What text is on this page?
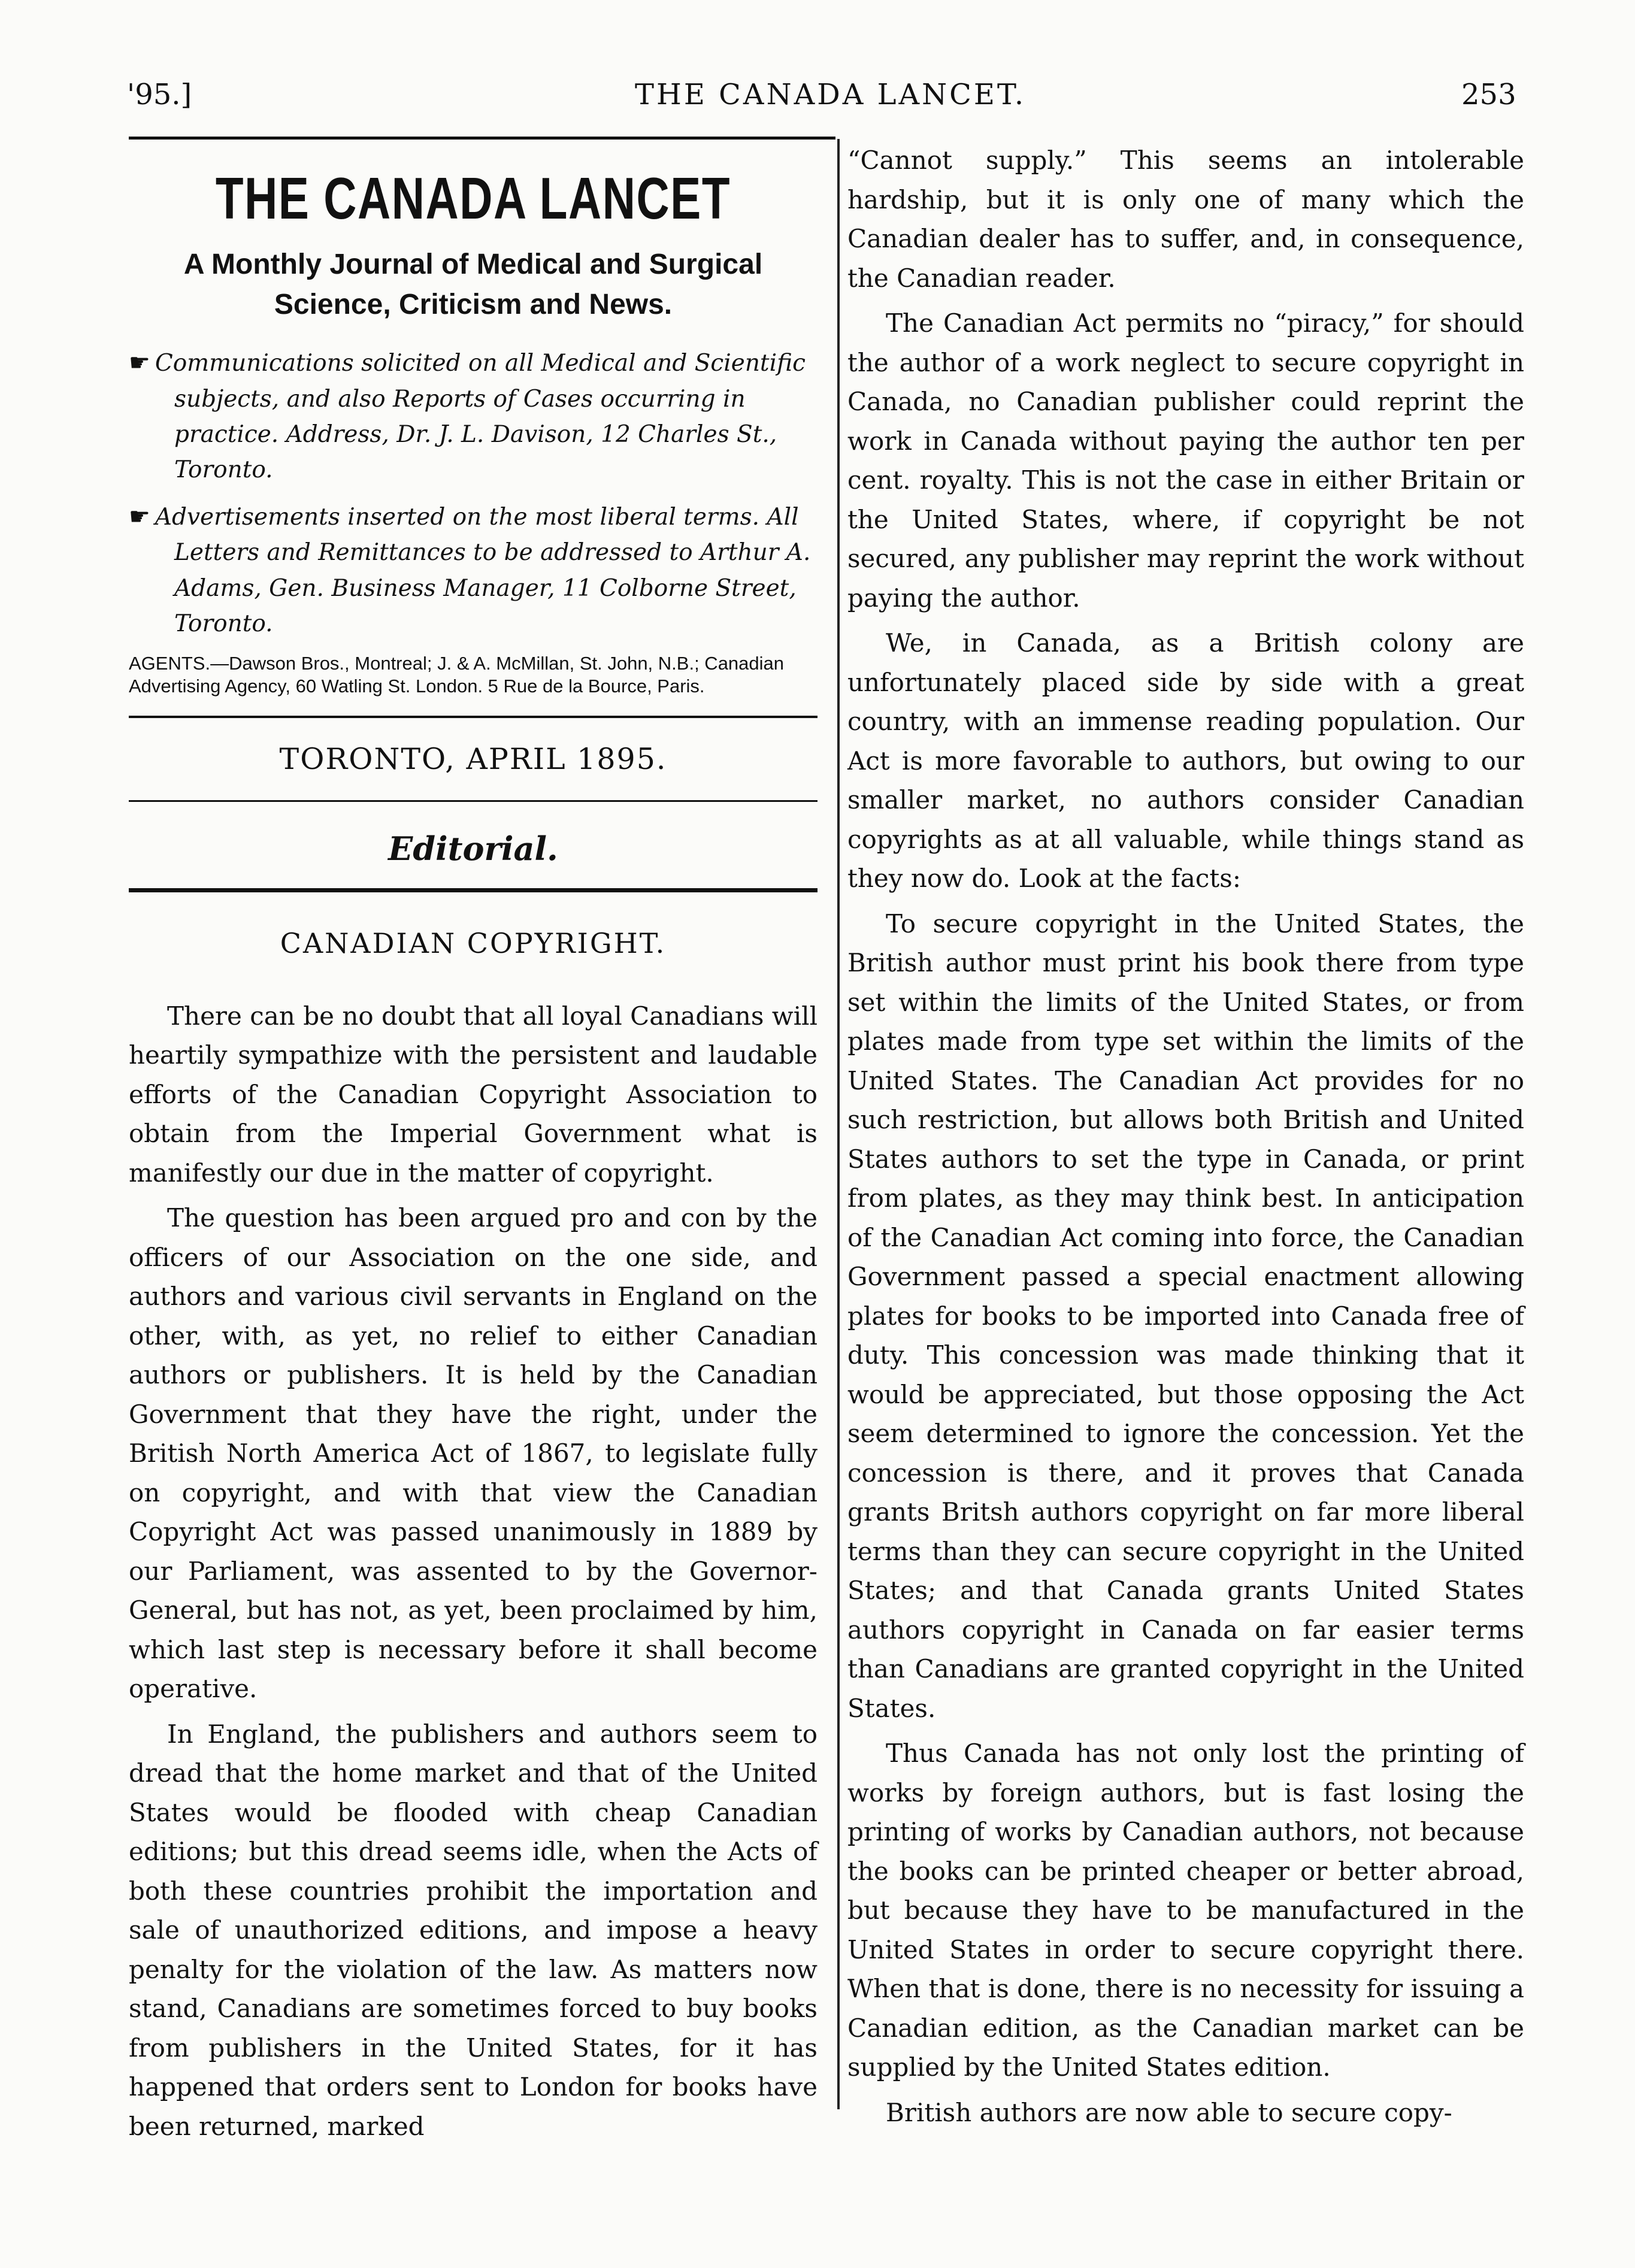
'95.]	THE CANADA LANCET.	253
THE CANADA LANCET
A Monthly Journal of Medical and Surgical
Science, Criticism and News.
☛ Communications solicited on all Medical and Scientific subjects, and also Reports of Cases occurring in practice. Address, Dr. J. L. Davison, 12 Charles St., Toronto.
☛ Advertisements inserted on the most liberal terms. All Letters and Remittances to be addressed to Arthur A. Adams, Gen. Business Manager, 11 Colborne Street, Toronto.
AGENTS.—Dawson Bros., Montreal; J. & A. McMillan, St. John, N.B.; Canadian Advertising Agency, 60 Watling St. London. 5 Rue de la Bource, Paris.
TORONTO, APRIL 1895.
Editorial.
CANADIAN COPYRIGHT.

There can be no doubt that all loyal Canadians will heartily sympathize with the persistent and laudable efforts of the Canadian Copyright Association to obtain from the Imperial Government what is manifestly our due in the matter of copyright.

The question has been argued pro and con by the officers of our Association on the one side, and authors and various civil servants in England on the other, with, as yet, no relief to either Canadian authors or publishers. It is held by the Canadian Government that they have the right, under the British North America Act of 1867, to legislate fully on copyright, and with that view the Canadian Copyright Act was passed unanimously in 1889 by our Parliament, was assented to by the Governor-General, but has not, as yet, been proclaimed by him, which last step is necessary before it shall become operative.

In England, the publishers and authors seem to dread that the home market and that of the United States would be flooded with cheap Canadian editions; but this dread seems idle, when the Acts of both these countries prohibit the importation and sale of unauthorized editions, and impose a heavy penalty for the violation of the law. As matters now stand, Canadians are sometimes forced to buy books from publishers in the United States, for it has happened that orders sent to London for books have been returned, marked

“Cannot supply.” This seems an intolerable hardship, but it is only one of many which the Canadian dealer has to suffer, and, in consequence, the Canadian reader.

The Canadian Act permits no “piracy,” for should the author of a work neglect to secure copyright in Canada, no Canadian publisher could reprint the work in Canada without paying the author ten per cent. royalty. This is not the case in either Britain or the United States, where, if copyright be not secured, any publisher may reprint the work without paying the author.

We, in Canada, as a British colony are unfortunately placed side by side with a great country, with an immense reading population. Our Act is more favorable to authors, but owing to our smaller market, no authors consider Canadian copyrights as at all valuable, while things stand as they now do. Look at the facts:

To secure copyright in the United States, the British author must print his book there from type set within the limits of the United States, or from plates made from type set within the limits of the United States. The Canadian Act provides for no such restriction, but allows both British and United States authors to set the type in Canada, or print from plates, as they may think best. In anticipation of the Canadian Act coming into force, the Canadian Government passed a special enactment allowing plates for books to be imported into Canada free of duty. This concession was made thinking that it would be appreciated, but those opposing the Act seem determined to ignore the concession. Yet the concession is there, and it proves that Canada grants Britsh authors copyright on far more liberal terms than they can secure copyright in the United States; and that Canada grants United States authors copyright in Canada on far easier terms than Canadians are granted copyright in the United States.

Thus Canada has not only lost the printing of works by foreign authors, but is fast losing the printing of works by Canadian authors, not because the books can be printed cheaper or better abroad, but because they have to be manufactured in the United States in order to secure copyright there. When that is done, there is no necessity for issuing a Canadian edition, as the Canadian market can be supplied by the United States edition.

British authors are now able to secure copy-
